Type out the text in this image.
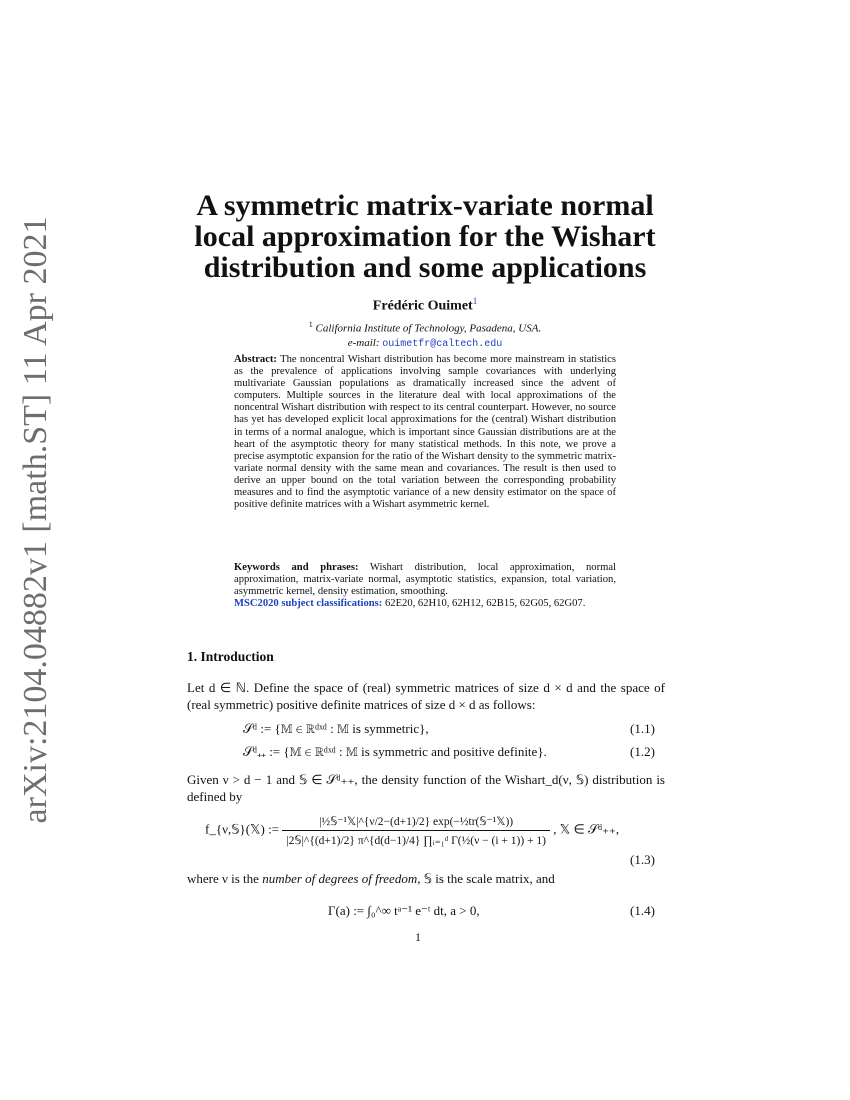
arXiv:2104.04882v1 [math.ST] 11 Apr 2021
A symmetric matrix-variate normal
local approximation for the Wishart
distribution and some applications
Frédéric Ouimet$^1$
$^1$ California Institute of Technology, Pasadena, USA.
e-mail: ouimetfr@caltech.edu
Abstract: The noncentral Wishart distribution has become more mainstream in statistics as the prevalence of applications involving sample covariances with underlying multivariate Gaussian populations as dramatically increased since the advent of computers. Multiple sources in the literature deal with local approximations of the noncentral Wishart distribution with respect to its central counterpart. However, no source has yet has developed explicit local approximations for the (central) Wishart distribution in terms of a normal analogue, which is important since Gaussian distributions are at the heart of the asymptotic theory for many statistical methods. In this note, we prove a precise asymptotic expansion for the ratio of the Wishart density to the symmetric matrix-variate normal density with the same mean and covariances. The result is then used to derive an upper bound on the total variation between the corresponding probability measures and to find the asymptotic variance of a new density estimator on the space of positive definite matrices with a Wishart asymmetric kernel.
Keywords and phrases: Wishart distribution, local approximation, normal approximation, matrix-variate normal, asymptotic statistics, expansion, total variation, asymmetric kernel, density estimation, smoothing.
MSC2020 subject classifications: 62E20, 62H10, 62H12, 62B15, 62G05, 62G07.
1. Introduction
Let d ∈ ℕ. Define the space of (real) symmetric matrices of size d × d and the space of (real symmetric) positive definite matrices of size d × d as follows:
𝒮ᵈ := {𝕄 ∈ ℝᵈˣᵈ : 𝕄 is symmetric},	(1.1)
𝒮ᵈ₊₊ := {𝕄 ∈ ℝᵈˣᵈ : 𝕄 is symmetric and positive definite}.	(1.2)
Given ν > d − 1 and 𝕊 ∈ 𝒮ᵈ₊₊, the density function of the Wishart_d(ν, 𝕊) distribution is defined by
f_{ν,𝕊}(𝕏) := $\frac{\text{|½𝕊⁻¹𝕏|\textasciicircum{}\{ν/2−(d+1)/2\} exp(−½tr(𝕊⁻¹𝕏))}}{\text{|2𝕊|\textasciicircum{}\{(d+1)/2\} π\textasciicircum{}\{d(d−1)/4\} ∏ᵢ₌₁ᵈ Γ(½(ν − (i + 1)) + 1)}}$ , 𝕏 ∈ 𝒮ᵈ₊₊,
(1.3)
where ν is the number of degrees of freedom, 𝕊 is the scale matrix, and
Γ(a) := ∫₀^∞ tᵃ⁻¹ e⁻ᵗ dt, a > 0,	(1.4)
1
